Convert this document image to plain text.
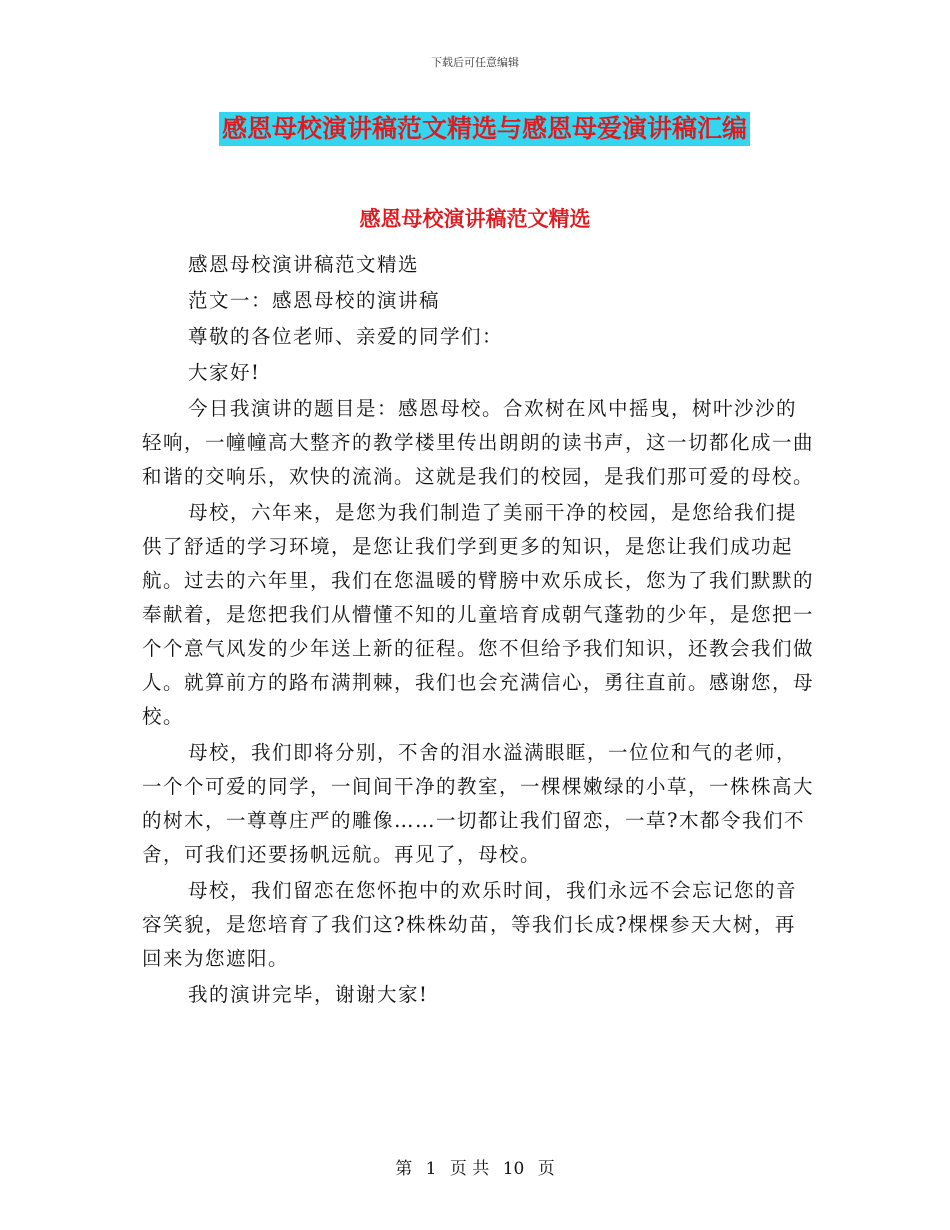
下载后可任意编辑
感恩母校演讲稿范文精选与感恩母爱演讲稿汇编
感恩母校演讲稿范文精选

感恩母校演讲稿范文精选

范文一：感恩母校的演讲稿

尊敬的各位老师、亲爱的同学们：

大家好!

今日我演讲的题目是：感恩母校。合欢树在风中摇曳，树叶沙沙的轻响，一幢幢高大整齐的教学楼里传出朗朗的读书声，这一切都化成一曲和谐的交响乐，欢快的流淌。这就是我们的校园，是我们那可爱的母校。

母校，六年来，是您为我们制造了美丽干净的校园，是您给我们提供了舒适的学习环境，是您让我们学到更多的知识，是您让我们成功起航。过去的六年里，我们在您温暖的臂膀中欢乐成长，您为了我们默默的奉献着，是您把我们从懵懂不知的儿童培育成朝气蓬勃的少年，是您把一个个意气风发的少年送上新的征程。您不但给予我们知识，还教会我们做人。就算前方的路布满荆棘，我们也会充满信心，勇往直前。感谢您，母校。

母校，我们即将分别，不舍的泪水溢满眼眶，一位位和气的老师，一个个可爱的同学，一间间干净的教室，一棵棵嫩绿的小草，一株株高大的树木，一尊尊庄严的雕像……一切都让我们留恋，一草?木都令我们不舍，可我们还要扬帆远航。再见了，母校。

母校，我们留恋在您怀抱中的欢乐时间，我们永远不会忘记您的音容笑貌，是您培育了我们这?株株幼苗，等我们长成?棵棵参天大树，再回来为您遮阳。

我的演讲完毕，谢谢大家!

第 1 页 共 10 页
